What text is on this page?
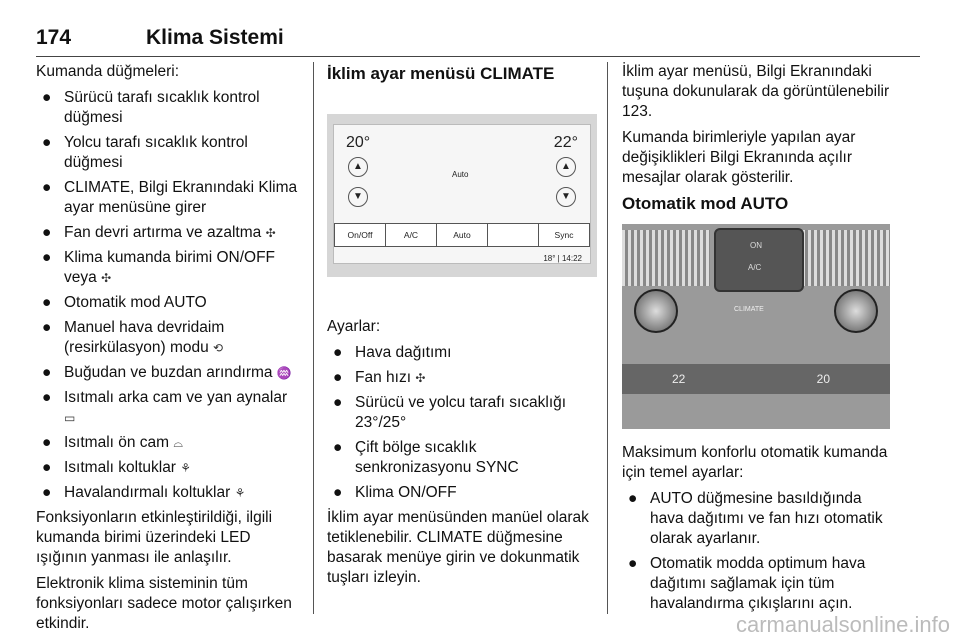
174	Klima Sistemi

Kumanda düğmeleri:

● Sürücü tarafı sıcaklık kontrol düğmesi
● Yolcu tarafı sıcaklık kontrol düğmesi
● CLIMATE, Bilgi Ekranındaki Klima ayar menüsüne girer
● Fan devri artırma ve azaltma ✣
● Klima kumanda birimi ON/OFF veya ✣
● Otomatik mod AUTO
● Manuel hava devridaim (resirkülasyon) modu ⟲
● Buğudan ve buzdan arındırma ♒
● Isıtmalı arka cam ve yan aynalar ▭
● Isıtmalı ön cam ⌓
● Isıtmalı koltuklar ⚘
● Havalandırmalı koltuklar ⚘

Fonksiyonların etkinleştirildiği, ilgili kumanda birimi üzerindeki LED ışığının yanması ile anlaşılır.

Elektronik klima sisteminin tüm fonksiyonları sadece motor çalışırken etkindir.

İklim ayar menüsü CLIMATE
20°	22°
▲
▼
▲
▼
Auto
On/Off	A/C	Auto	Sync
18° | 14:22

Ayarlar:

● Hava dağıtımı
● Fan hızı ✣
● Sürücü ve yolcu tarafı sıcaklığı 23°/25°
● Çift bölge sıcaklık senkronizasyonu SYNC
● Klima ON/OFF

İklim ayar menüsünden manüel olarak tetiklenebilir. CLIMATE düğmesine basarak menüye girin ve dokunmatik tuşları izleyin.

İklim ayar menüsü, Bilgi Ekranındaki tuşuna dokunularak da görüntülenebilir 123.

Kumanda birimleriyle yapılan ayar değişiklikleri Bilgi Ekranında açılır mesajlar olarak gösterilir.

Otomatik mod AUTO
ON
A/C
CLIMATE
22	20

Maksimum konforlu otomatik kumanda için temel ayarlar:

● AUTO düğmesine basıldığında hava dağıtımı ve fan hızı otomatik olarak ayarlanır.
● Otomatik modda optimum hava dağıtımı sağlamak için tüm havalandırma çıkışlarını açın.
carmanualsonline.info
